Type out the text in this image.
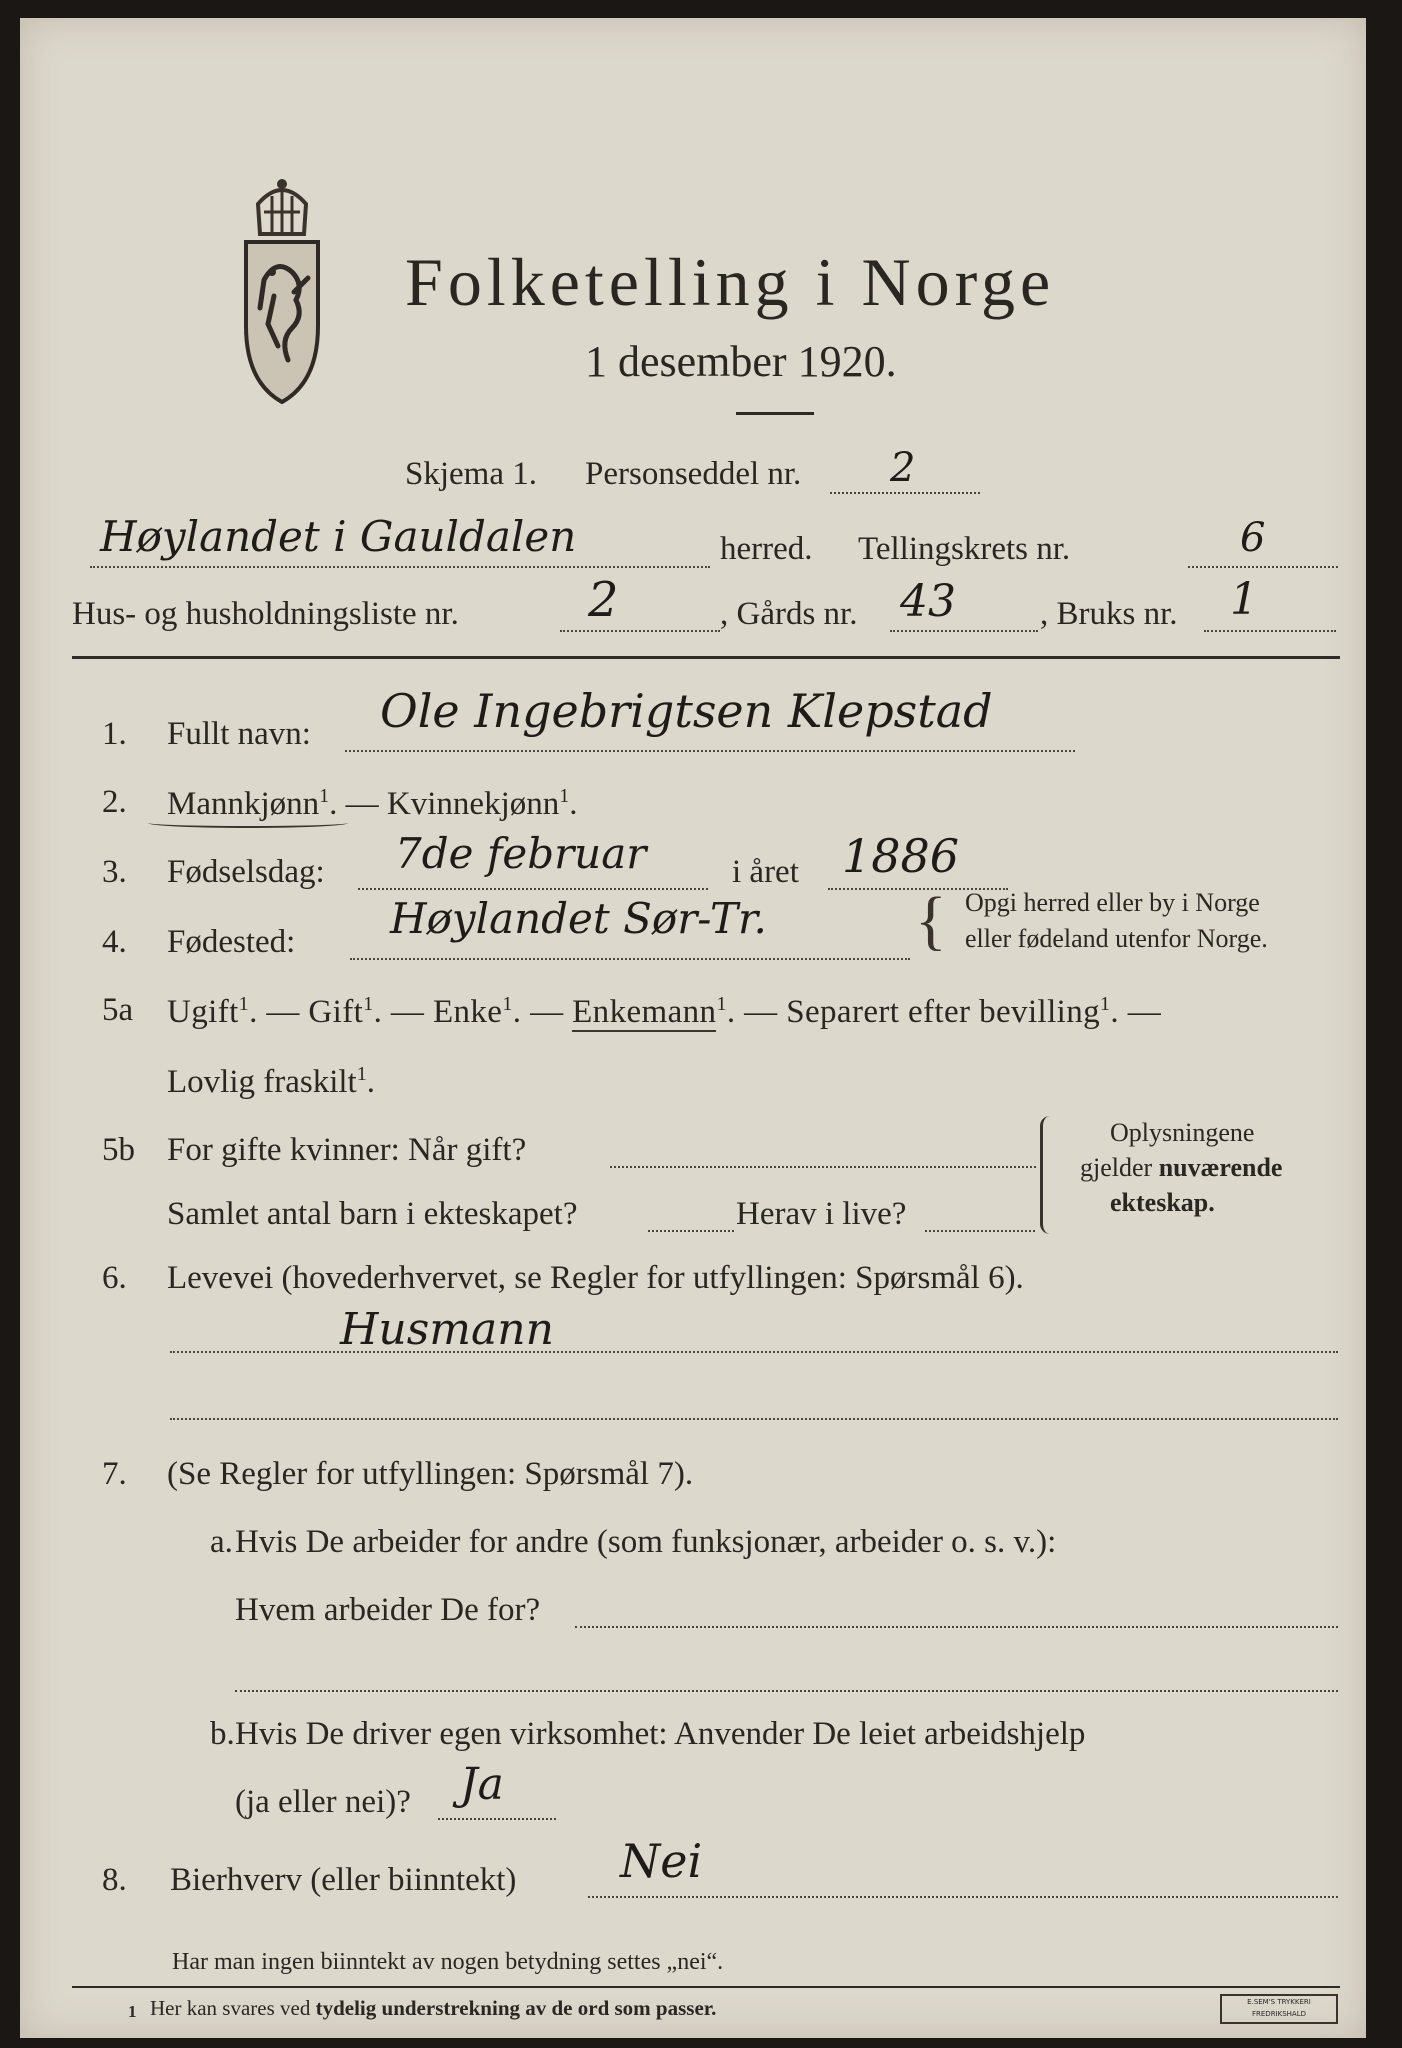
Folketelling i Norge
1 desember 1920.
Skjema 1. Personseddel nr. 2
Høylandet i Gauldalen	herred. Tellingskrets nr.	6
Hus- og husholdningsliste nr.	2	, Gårds nr. 43	, Bruks nr. 1
1. Fullt navn: Ole Ingebrigtsen Klepstad
2. Mannkjønn$^1$. — Kvinnekjønn$^1$.
3. Fødselsdag: 7de februar	i året 1886
4. Fødested: Høylandet Sør-Tr. { Opgi herred eller by i Norge
eller fødeland utenfor Norge.
5a Ugift$^1$. — Gift$^1$. — Enke$^1$. — Enkemann$^1$. — Separert efter bevilling$^1$. —
Lovlig fraskilt$^1$.
5b For gifte kvinner: Når gift?
Samlet antal barn i ekteskapet?	Herav i live?
Oplysningene
gjelder nuværende
ekteskap.
6. Levevei (hovederhvervet, se Regler for utfyllingen: Spørsmål 6).
Husmann
7. (Se Regler for utfyllingen: Spørsmål 7).
a. Hvis De arbeider for andre (som funksjonær, arbeider o. s. v.):
Hvem arbeider De for?
b. Hvis De driver egen virksomhet: Anvender De leiet arbeidshjelp
(ja eller nei)? Ja
8. Bierhverv (eller biinntekt) Nei
Har man ingen biinntekt av nogen betydning settes „nei“.
1 Her kan svares ved tydelig understrekning av de ord som passer.	E.SEM'S TRYKKERI FREDRIKSHALD
